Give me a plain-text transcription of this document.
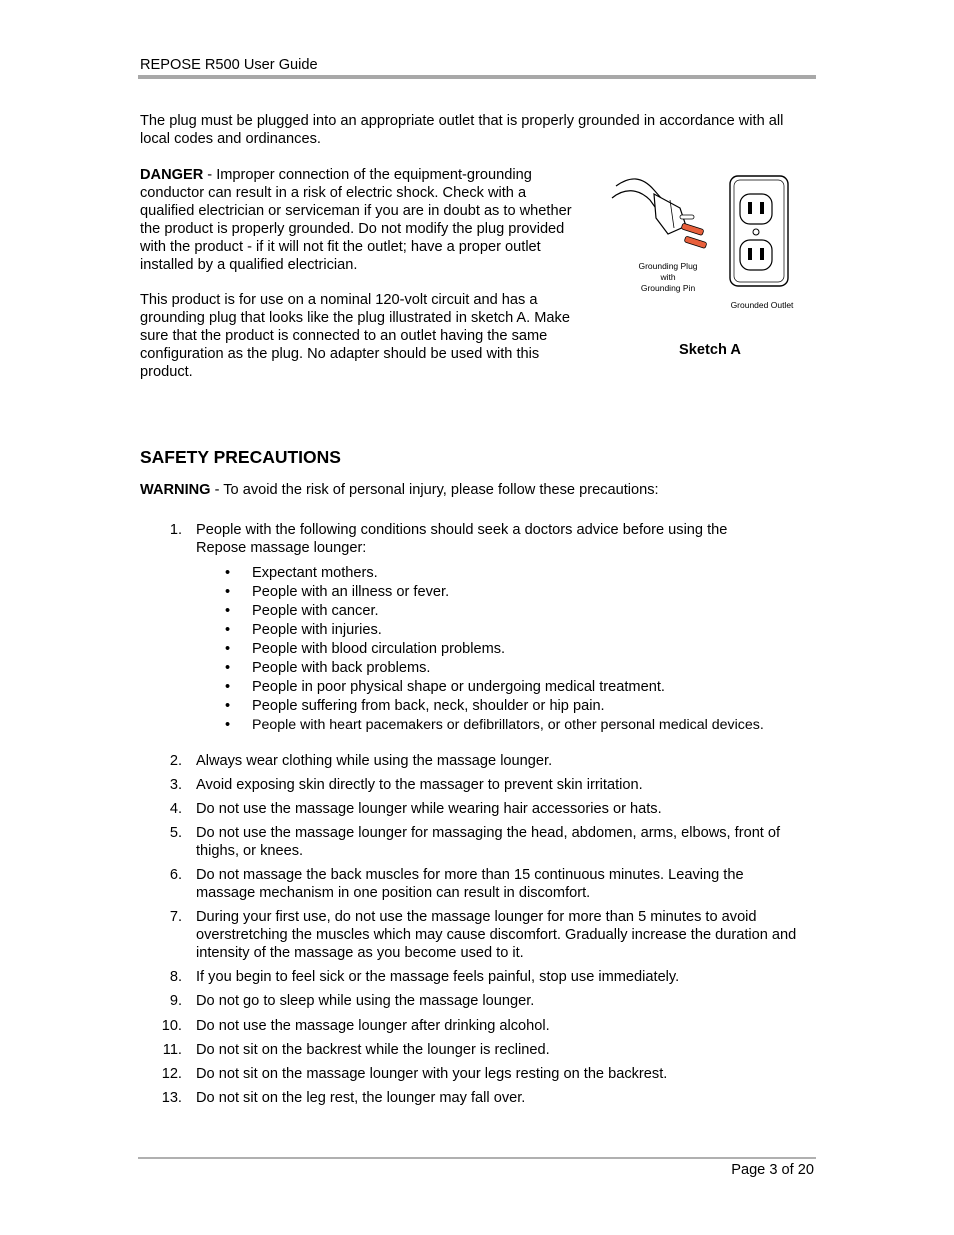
REPOSE R500 User Guide
The plug must be plugged into an appropriate outlet that is properly grounded in accordance with all local codes and ordinances.
DANGER - Improper connection of the equipment-grounding conductor can result in a risk of electric shock. Check with a qualified electrician or serviceman if you are in doubt as to whether the product is properly grounded. Do not modify the plug provided with the product - if it will not fit the outlet; have a proper outlet installed by a qualified electrician.
This product is for use on a nominal 120-volt circuit and has a grounding plug that looks like the plug illustrated in sketch A. Make sure that the product is connected to an outlet having the same configuration as the plug. No adapter should be used with this product.
Grounding Plug
with
Grounding Pin
Grounded Outlet
Sketch A
SAFETY PRECAUTIONS
WARNING - To avoid the risk of personal injury, please follow these precautions:
1. People with the following conditions should seek a doctors advice before using the Repose massage lounger:
• Expectant mothers.
• People with an illness or fever.
• People with cancer.
• People with injuries.
• People with blood circulation problems.
• People with back problems.
• People in poor physical shape or undergoing medical treatment.
• People suffering from back, neck, shoulder or hip pain.
• People with heart pacemakers or defibrillators, or other personal medical devices.
2. Always wear clothing while using the massage lounger.
3. Avoid exposing skin directly to the massager to prevent skin irritation.
4. Do not use the massage lounger while wearing hair accessories or hats.
5. Do not use the massage lounger for massaging the head, abdomen, arms, elbows, front of thighs, or knees.
6. Do not massage the back muscles for more than 15 continuous minutes. Leaving the massage mechanism in one position can result in discomfort.
7. During your first use, do not use the massage lounger for more than 5 minutes to avoid overstretching the muscles which may cause discomfort. Gradually increase the duration and intensity of the massage as you become used to it.
8. If you begin to feel sick or the massage feels painful, stop use immediately.
9. Do not go to sleep while using the massage lounger.
10. Do not use the massage lounger after drinking alcohol.
11. Do not sit on the backrest while the lounger is reclined.
12. Do not sit on the massage lounger with your legs resting on the backrest.
13. Do not sit on the leg rest, the lounger may fall over.
Page 3 of 20
